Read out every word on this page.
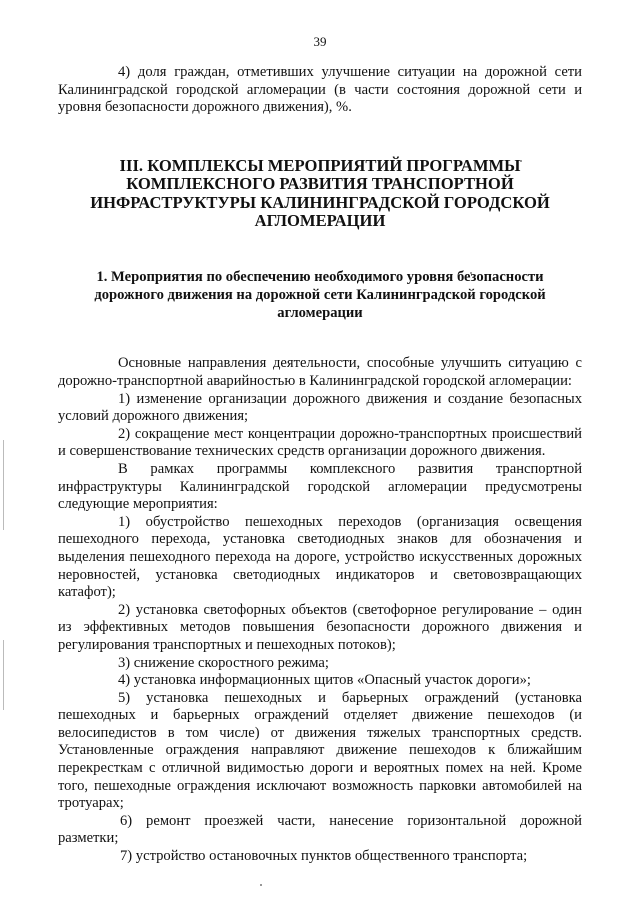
39

4) доля граждан, отметивших улучшение ситуации на дорожной сети Калининградской городской агломерации (в части состояния дорожной сети и уровня безопасности дорожного движения), %.

III. КОМПЛЕКСЫ МЕРОПРИЯТИЙ ПРОГРАММЫ КОМПЛЕКСНОГО РАЗВИТИЯ ТРАНСПОРТНОЙ ИНФРАСТРУКТУРЫ КАЛИНИНГРАДСКОЙ ГОРОДСКОЙ АГЛОМЕРАЦИИ
1. Мероприятия по обеспечению необходимого уровня безопасности дорожного движения на дорожной сети Калининградской городской агломерации

Основные направления деятельности, способные улучшить ситуацию с дорожно-транспортной аварийностью в Калининградской городской агломерации:

1) изменение организации дорожного движения и создание безопасных условий дорожного движения;

2) сокращение мест концентрации дорожно-транспортных происшествий и совершенствование технических средств организации дорожного движения.

В рамках программы комплексного развития транспортной инфраструктуры Калининградской городской агломерации предусмотрены следующие мероприятия:

1) обустройство пешеходных переходов (организация освещения пешеходного перехода, установка светодиодных знаков для обозначения и выделения пешеходного перехода на дороге, устройство искусственных дорожных неровностей, установка светодиодных индикаторов и световозвращающих катафот);

2) установка светофорных объектов (светофорное регулирование – один из эффективных методов повышения безопасности дорожного движения и регулирования транспортных и пешеходных потоков);

3) снижение скоростного режима;

4) установка информационных щитов «Опасный участок дороги»;

5) установка пешеходных и барьерных ограждений (установка пешеходных и барьерных ограждений отделяет движение пешеходов (и велосипедистов в том числе) от движения тяжелых транспортных средств. Установленные ограждения направляют движение пешеходов к ближайшим перекресткам с отличной видимостью дороги и вероятных помех на ней. Кроме того, пешеходные ограждения исключают возможность парковки автомобилей на тротуарах;

6) ремонт проезжей части, нанесение горизонтальной дорожной разметки;

7) устройство остановочных пунктов общественного транспорта;
